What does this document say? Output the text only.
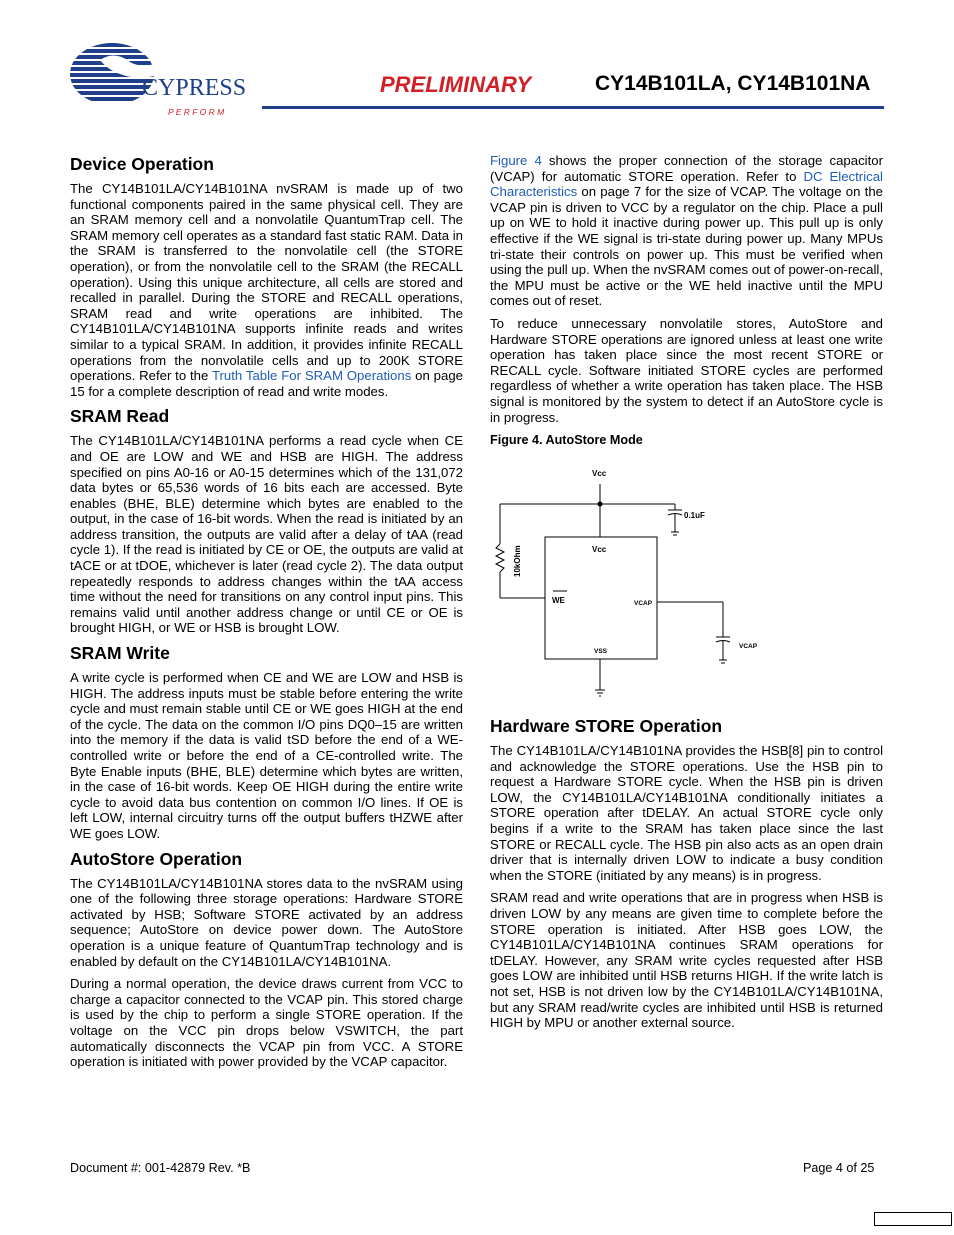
CYPRESS
P E R F O R M
PRELIMINARY	CY14B101LA, CY14B101NA
Device Operation

The CY14B101LA/CY14B101NA nvSRAM is made up of two functional components paired in the same physical cell. They are an SRAM memory cell and a nonvolatile QuantumTrap cell. The SRAM memory cell operates as a standard fast static RAM. Data in the SRAM is transferred to the nonvolatile cell (the STORE operation), or from the nonvolatile cell to the SRAM (the RECALL operation). Using this unique architecture, all cells are stored and recalled in parallel. During the STORE and RECALL operations, SRAM read and write operations are inhibited. The CY14B101LA/CY14B101NA supports infinite reads and writes similar to a typical SRAM. In addition, it provides infinite RECALL operations from the nonvolatile cells and up to 200K STORE operations. Refer to the Truth Table For SRAM Operations on page 15 for a complete description of read and write modes.

SRAM Read

The CY14B101LA/CY14B101NA performs a read cycle when CE and OE are LOW and WE and HSB are HIGH. The address specified on pins A0-16 or A0-15 determines which of the 131,072 data bytes or 65,536 words of 16 bits each are accessed. Byte enables (BHE, BLE) determine which bytes are enabled to the output, in the case of 16-bit words. When the read is initiated by an address transition, the outputs are valid after a delay of tAA (read cycle 1). If the read is initiated by CE or OE, the outputs are valid at tACE or at tDOE, whichever is later (read cycle 2). The data output repeatedly responds to address changes within the tAA access time without the need for transitions on any control input pins. This remains valid until another address change or until CE or OE is brought HIGH, or WE or HSB is brought LOW.

SRAM Write

A write cycle is performed when CE and WE are LOW and HSB is HIGH. The address inputs must be stable before entering the write cycle and must remain stable until CE or WE goes HIGH at the end of the cycle. The data on the common I/O pins DQ0–15 are written into the memory if the data is valid tSD before the end of a WE-controlled write or before the end of a CE-controlled write. The Byte Enable inputs (BHE, BLE) determine which bytes are written, in the case of 16-bit words. Keep OE HIGH during the entire write cycle to avoid data bus contention on common I/O lines. If OE is left LOW, internal circuitry turns off the output buffers tHZWE after WE goes LOW.

AutoStore Operation

The CY14B101LA/CY14B101NA stores data to the nvSRAM using one of the following three storage operations: Hardware STORE activated by HSB; Software STORE activated by an address sequence; AutoStore on device power down. The AutoStore operation is a unique feature of QuantumTrap technology and is enabled by default on the CY14B101LA/CY14B101NA.

During a normal operation, the device draws current from VCC to charge a capacitor connected to the VCAP pin. This stored charge is used by the chip to perform a single STORE operation. If the voltage on the VCC pin drops below VSWITCH, the part automatically disconnects the VCAP pin from VCC. A STORE operation is initiated with power provided by the VCAP capacitor.

Figure 4 shows the proper connection of the storage capacitor (VCAP) for automatic STORE operation. Refer to DC Electrical Characteristics on page 7 for the size of VCAP. The voltage on the VCAP pin is driven to VCC by a regulator on the chip. Place a pull up on WE to hold it inactive during power up. This pull up is only effective if the WE signal is tri-state during power up. Many MPUs tri-state their controls on power up. This must be verified when using the pull up. When the nvSRAM comes out of power-on-recall, the MPU must be active or the WE held inactive until the MPU comes out of reset.

To reduce unnecessary nonvolatile stores, AutoStore and Hardware STORE operations are ignored unless at least one write operation has taken place since the most recent STORE or RECALL cycle. Software initiated STORE cycles are performed regardless of whether a write operation has taken place. The HSB signal is monitored by the system to detect if an AutoStore cycle is in progress.

Figure 4. AutoStore Mode
Vcc
0.1uF
10kOhm	Vcc
WE	VCAP
VSS
VCAP
Hardware STORE Operation

The CY14B101LA/CY14B101NA provides the HSB[8] pin to control and acknowledge the STORE operations. Use the HSB pin to request a Hardware STORE cycle. When the HSB pin is driven LOW, the CY14B101LA/CY14B101NA conditionally initiates a STORE operation after tDELAY. An actual STORE cycle only begins if a write to the SRAM has taken place since the last STORE or RECALL cycle. The HSB pin also acts as an open drain driver that is internally driven LOW to indicate a busy condition when the STORE (initiated by any means) is in progress.

SRAM read and write operations that are in progress when HSB is driven LOW by any means are given time to complete before the STORE operation is initiated. After HSB goes LOW, the CY14B101LA/CY14B101NA continues SRAM operations for tDELAY. However, any SRAM write cycles requested after HSB goes LOW are inhibited until HSB returns HIGH. If the write latch is not set, HSB is not driven low by the CY14B101LA/CY14B101NA, but any SRAM read/write cycles are inhibited until HSB is returned HIGH by MPU or another external source.

Document #: 001-42879 Rev. *B	Page 4 of 25
